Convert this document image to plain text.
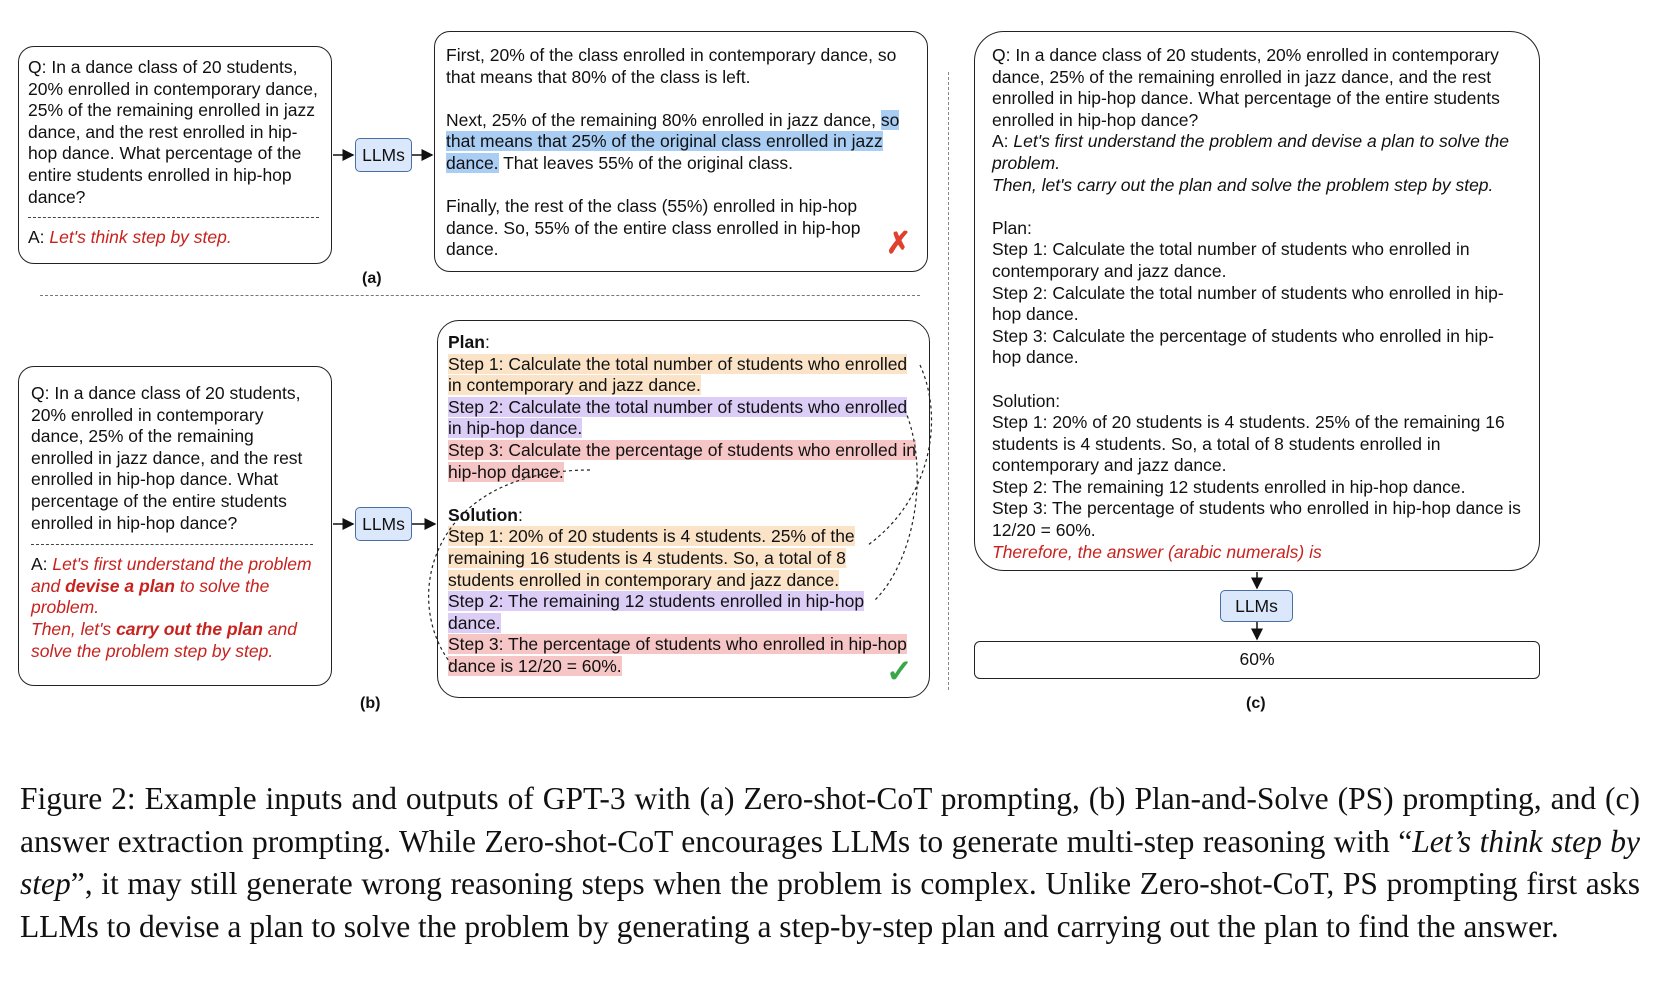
Q: In a dance class of 20 students, 20% enrolled in contemporary dance, 25% of the remaining enrolled in jazz dance, and the rest enrolled in hip-hop dance. What percentage of the entire students enrolled in hip-hop dance?

A: Let's think step by step.

LLMs

First, 20% of the class enrolled in contemporary dance, so that means that 80% of the class is left.

Next, 25% of the remaining 80% enrolled in jazz dance, so that means that 25% of the original class enrolled in jazz dance. That leaves 55% of the original class.

Finally, the rest of the class (55%) enrolled in hip-hop dance. So, 55% of the entire class enrolled in hip-hop dance.	✗
(a)

Q: In a dance class of 20 students, 20% enrolled in contemporary dance, 25% of the remaining enrolled in jazz dance, and the rest enrolled in hip-hop dance. What percentage of the entire students enrolled in hip-hop dance?

A: Let's first understand the problem and devise a plan to solve the problem.
Then, let's carry out the plan and solve the problem step by step.

LLMs

Plan:

Step 1: Calculate the total number of students who enrolled in contemporary and jazz dance.

Step 2: Calculate the total number of students who enrolled in hip-hop dance.

Step 3: Calculate the percentage of students who enrolled in hip-hop dance.

Solution:

Step 1: 20% of 20 students is 4 students. 25% of the remaining 16 students is 4 students. So, a total of 8 students enrolled in contemporary and jazz dance.

Step 2: The remaining 12 students enrolled in hip-hop dance.

Step 3: The percentage of students who enrolled in hip-hop dance is 12/20 = 60%.	✓
(b)

Q: In a dance class of 20 students, 20% enrolled in contemporary dance, 25% of the remaining enrolled in jazz dance, and the rest enrolled in hip-hop dance. What percentage of the entire students enrolled in hip-hop dance?

A: Let's first understand the problem and devise a plan to solve the problem.
Then, let's carry out the plan and solve the problem step by step.

Plan:

Step 1: Calculate the total number of students who enrolled in contemporary and jazz dance.

Step 2: Calculate the total number of students who enrolled in hip-hop dance.

Step 3: Calculate the percentage of students who enrolled in hip-hop dance.

Solution:

Step 1: 20% of 20 students is 4 students. 25% of the remaining 16 students is 4 students. So, a total of 8 students enrolled in contemporary and jazz dance.

Step 2: The remaining 12 students enrolled in hip-hop dance.

Step 3: The percentage of students who enrolled in hip-hop dance is 12/20 = 60%.

Therefore, the answer (arabic numerals) is

LLMs
60%
(c)
Figure 2: Example inputs and outputs of GPT-3 with (a) Zero-shot-CoT prompting, (b) Plan-and-Solve (PS) prompting, and (c) answer extraction prompting. While Zero-shot-CoT encourages LLMs to generate multi-step reasoning with “Let’s think step by step”, it may still generate wrong reasoning steps when the problem is complex. Unlike Zero-shot-CoT, PS prompting first asks LLMs to devise a plan to solve the problem by generating a step-by-step plan and carrying out the plan to find the answer.
